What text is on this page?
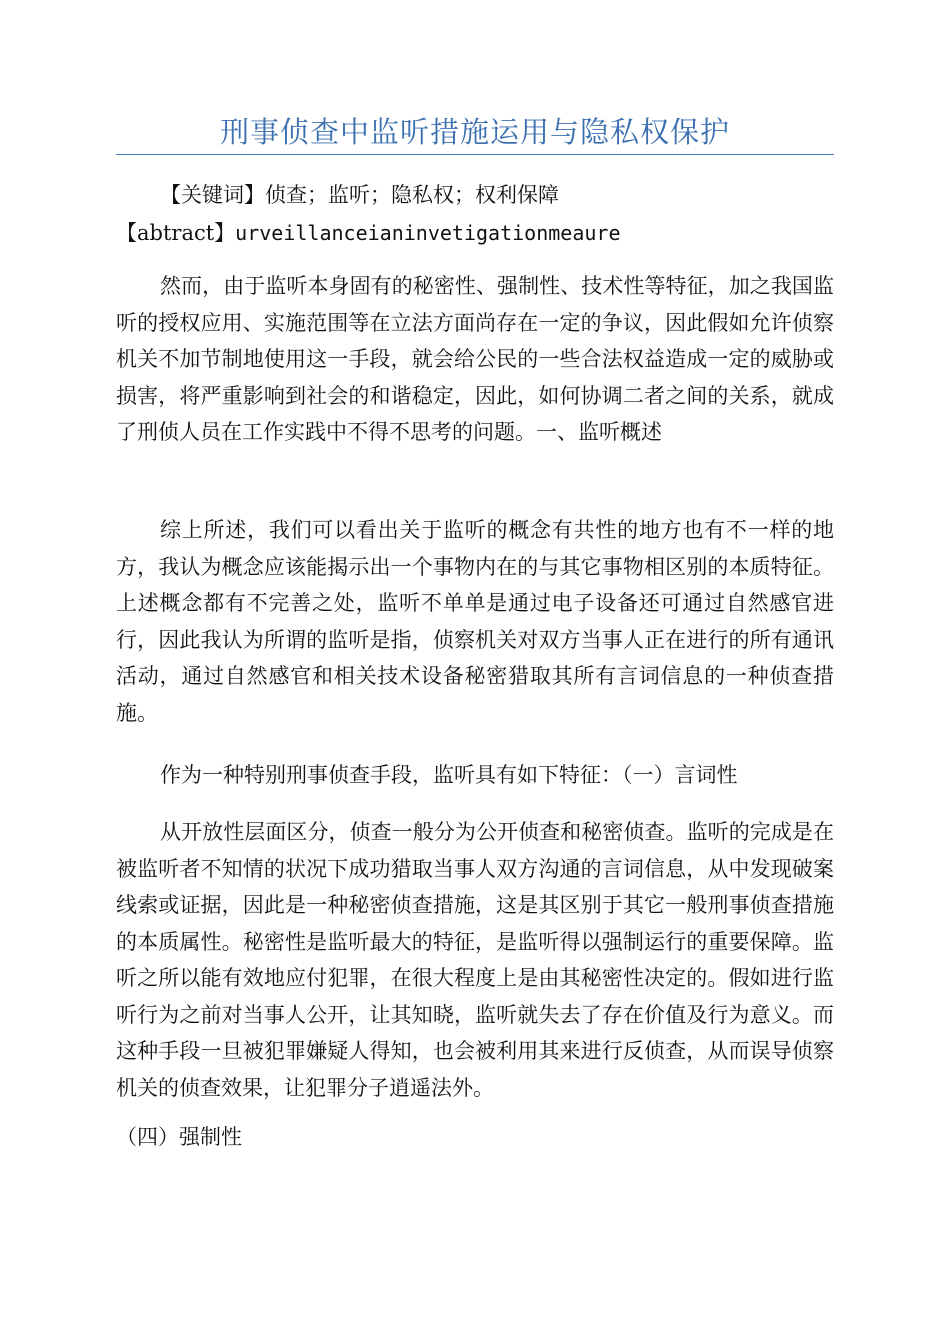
刑事侦查中监听措施运用与隐私权保护
【关键词】侦查；监听；隐私权；权利保障
【abtract】urveillanceianinvetigationmeaure
然而，由于监听本身固有的秘密性、强制性、技术性等特征，加之我国监听的授权应用、实施范围等在立法方面尚存在一定的争议，因此假如允许侦察机关不加节制地使用这一手段，就会给公民的一些合法权益造成一定的威胁或损害，将严重影响到社会的和谐稳定，因此，如何协调二者之间的关系，就成了刑侦人员在工作实践中不得不思考的问题。一、监听概述
综上所述，我们可以看出关于监听的概念有共性的地方也有不一样的地方，我认为概念应该能揭示出一个事物内在的与其它事物相区别的本质特征。上述概念都有不完善之处，监听不单单是通过电子设备还可通过自然感官进行，因此我认为所谓的监听是指，侦察机关对双方当事人正在进行的所有通讯活动，通过自然感官和相关技术设备秘密猎取其所有言词信息的一种侦查措施。
作为一种特别刑事侦查手段，监听具有如下特征：（一）言词性
从开放性层面区分，侦查一般分为公开侦查和秘密侦查。监听的完成是在被监听者不知情的状况下成功猎取当事人双方沟通的言词信息，从中发现破案线索或证据，因此是一种秘密侦查措施，这是其区别于其它一般刑事侦查措施的本质属性。秘密性是监听最大的特征，是监听得以强制运行的重要保障。监听之所以能有效地应付犯罪，在很大程度上是由其秘密性决定的。假如进行监听行为之前对当事人公开，让其知晓，监听就失去了存在价值及行为意义。而这种手段一旦被犯罪嫌疑人得知，也会被利用其来进行反侦查，从而误导侦察机关的侦查效果，让犯罪分子逍遥法外。
（四）强制性
